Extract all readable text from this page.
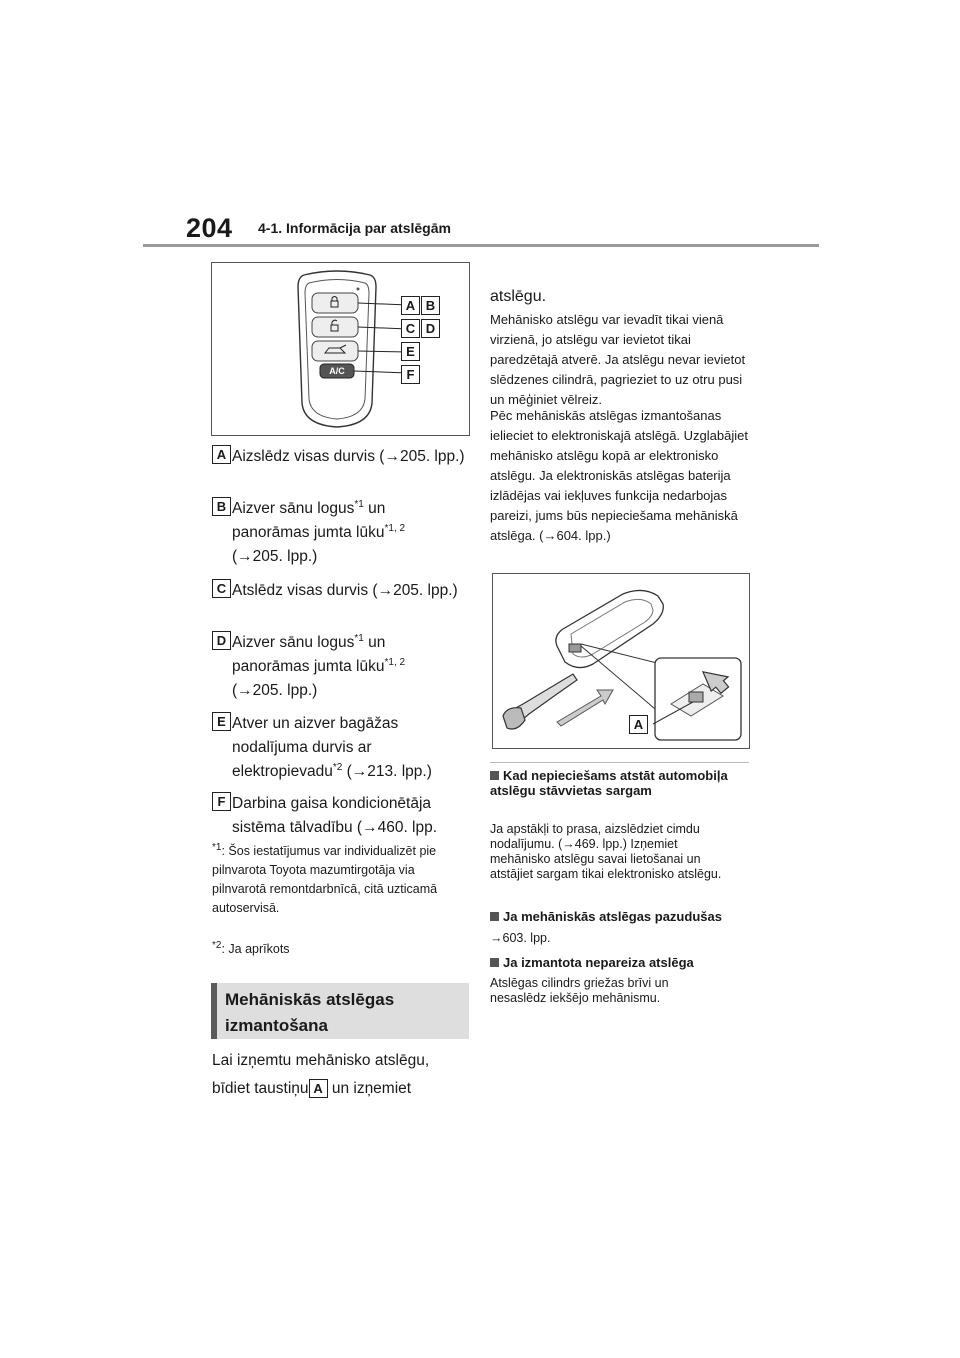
204 4-1. Informācija par atslēgām
A/C
A B
C D
E
F
A Aizslēdz visas durvis (→205. lpp.)
B Aizver sānu logus$^{*1}$ un
panorāmas jumta lūku$^{*1, 2}$
(→205. lpp.)
C Atslēdz visas durvis (→205. lpp.)
D Aizver sānu logus$^{*1}$ un
panorāmas jumta lūku$^{*1, 2}$
(→205. lpp.)
E Atver un aizver bagāžas
nodalījuma durvis ar
elektropievadu$^{*2}$ (→213. lpp.)
F Darbina gaisa kondicionētāja
sistēma tālvadību (→460. lpp.
$^{*1}$: Šos iestatījumus var individualizēt pie pilnvarota Toyota mazumtirgotāja via pilnvarotā remontdarbnīcā, citā uzticamā autoservisā.
$^{*2}$: Ja aprīkots
Mehāniskās atslēgas izmantošana
Lai izņemtu mehānisko atslēgu,
bīdiet taustiņu A un izņemiet
atslēgu.
Mehānisko atslēgu var ievadīt tikai vienā virzienā, jo atslēgu var ievietot tikai paredzētajā atverē. Ja atslēgu nevar ievietot slēdzenes cilindrā, pagrieziet to uz otru pusi un mēģiniet vēlreiz.
Pēc mehāniskās atslēgas izmantošanas ielieciet to elektroniskajā atslēgā. Uzglabājiet mehānisko atslēgu kopā ar elektronisko atslēgu. Ja elektroniskās atslēgas baterija izlādējas vai iekļuves funkcija nedarbojas pareizi, jums būs nepieciešama mehāniskā atslēga. (→604. lpp.)
A
Kad nepieciešams atstāt automobiļa atslēgu stāvvietas sargam
Ja apstākļi to prasa, aizslēdziet cimdu nodalījumu. (→469. lpp.) Izņemiet mehānisko atslēgu savai lietošanai un atstājiet sargam tikai elektronisko atslēgu.
Ja mehāniskās atslēgas pazudušas
→603. lpp.
Ja izmantota nepareiza atslēga
Atslēgas cilindrs griežas brīvi un nesaslēdz iekšējo mehānismu.
